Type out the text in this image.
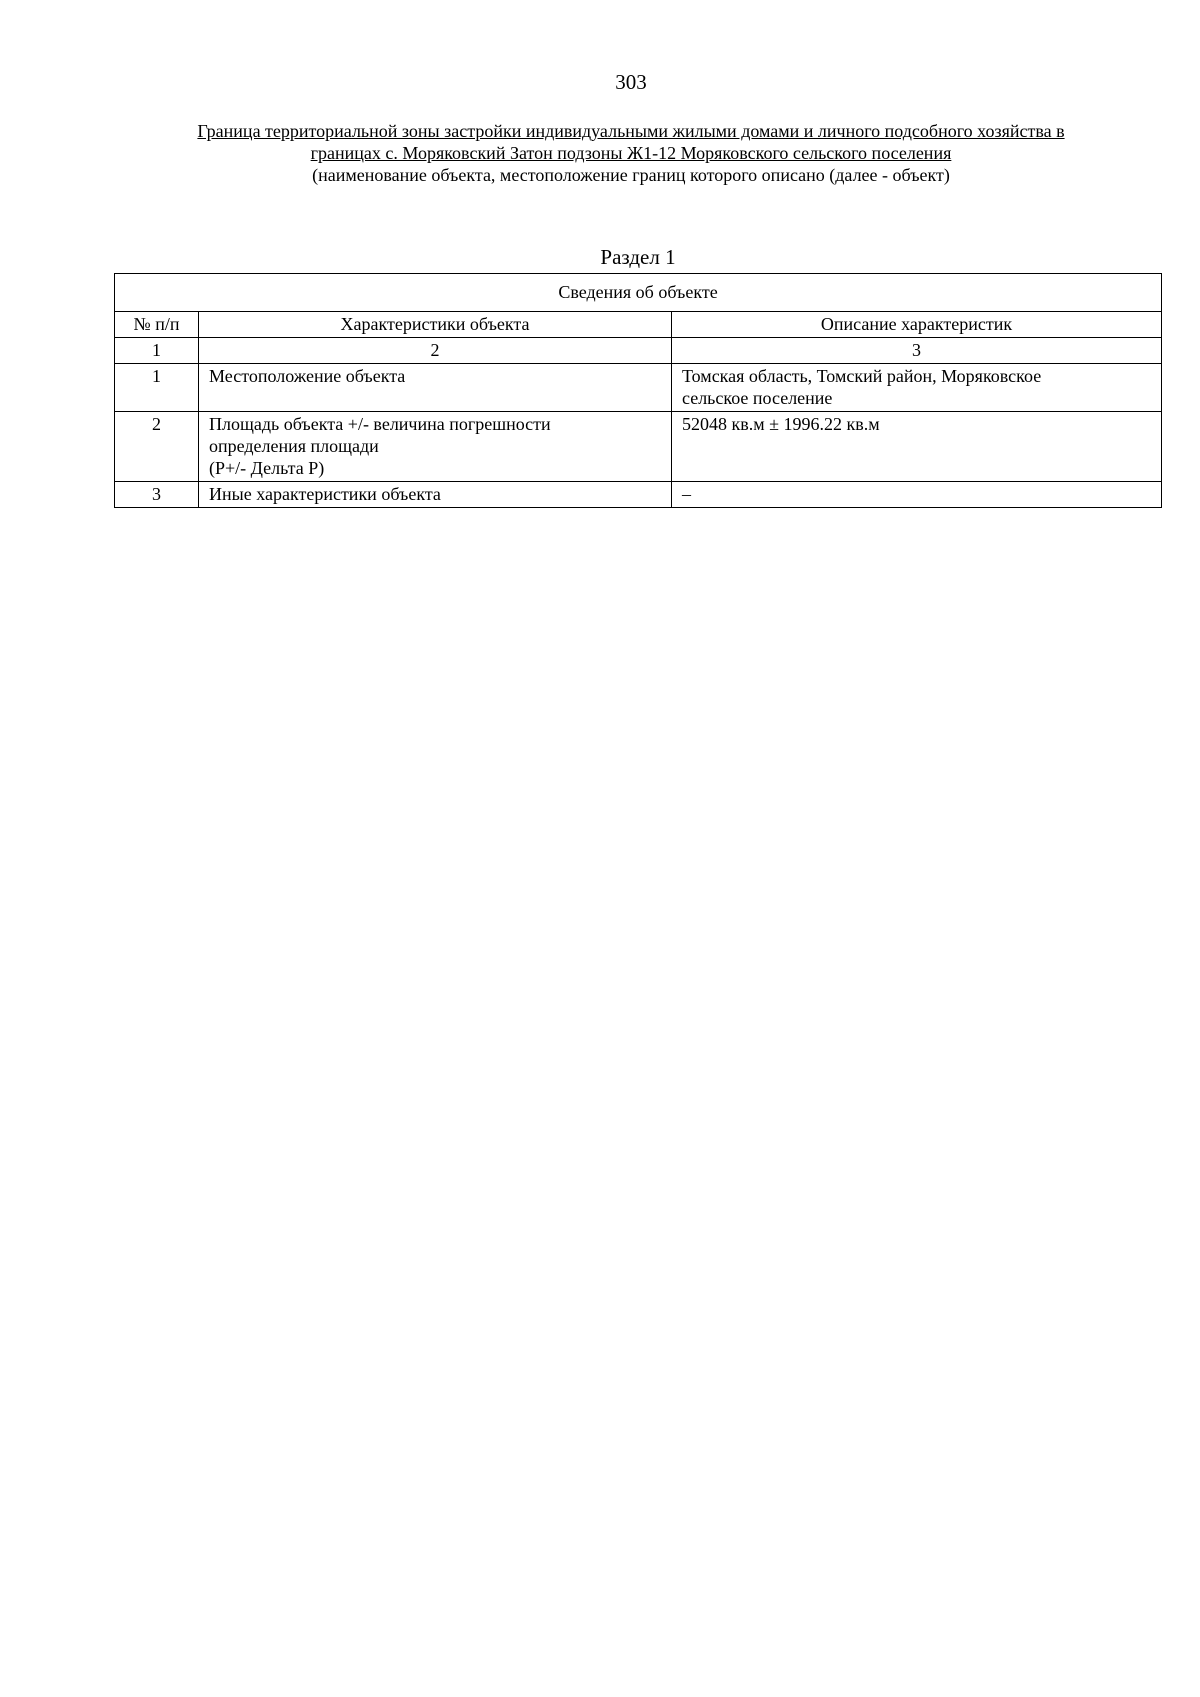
303
Граница территориальной зоны застройки индивидуальными жилыми домами и личного подсобного хозяйства в
границах с. Моряковский Затон подзоны Ж1-12 Моряковского сельского поселения
(наименование объекта, местоположение границ которого описано (далее - объект)
Раздел 1
Сведения об объекте		
№ п/п	Характеристики объекта	Описание характеристик
1	2	3
1	Местоположение объекта	Томская область, Томский район, Моряковское
сельское поселение

2	Площадь объекта +/- величина погрешности
определения площади
(P+/- Дельта P)	52048 кв.м ± 1996.22 кв.м

3	Иные характеристики объекта	–
